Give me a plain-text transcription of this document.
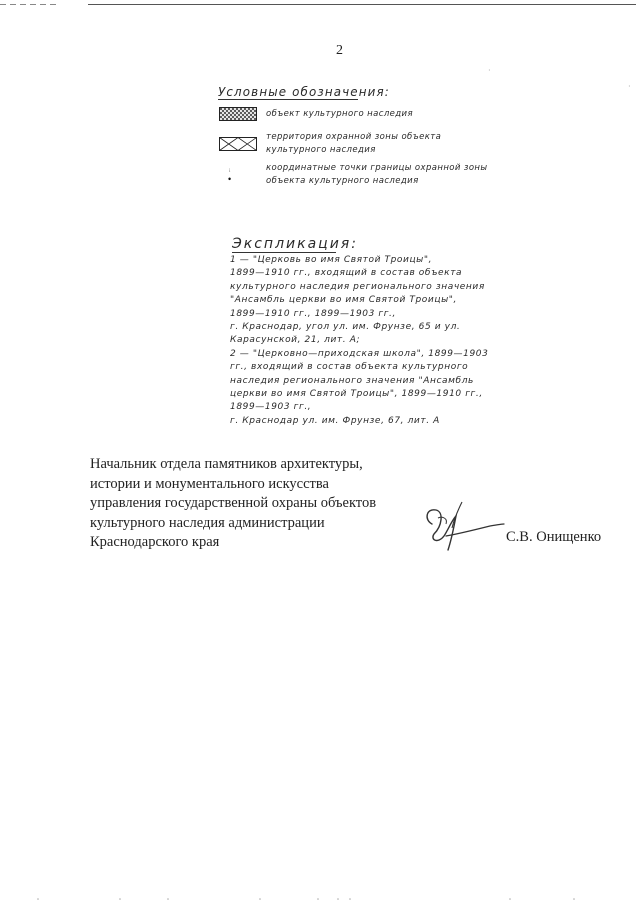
2
Условные обозначения:
объект культурного наследия
территория охранной зоны объекта
культурного наследия
ᵢ
•
координатные точки границы охранной зоны
объекта культурного наследия
Экспликация:
1 — "Церковь во имя Святой Троицы",
1899—1910 гг., входящий в состав объекта
культурного наследия регионального значения
"Ансамбль церкви во имя Святой Троицы",
1899—1910 гг., 1899—1903 гг.,
г. Краснодар, угол ул. им. Фрунзе, 65 и ул.
Карасунской, 21, лит. А;
2 — "Церковно—приходская школа", 1899—1903
гг., входящий в состав объекта культурного
наследия регионального значения "Ансамбль
церкви во имя Святой Троицы", 1899—1910 гг.,
1899—1903 гг.,
г. Краснодар ул. им. Фрунзе, 67, лит. А
Начальник отдела памятников архитектуры,
истории и монументального искусства
управления государственной охраны объектов
культурного наследия администрации
Краснодарского края	С.В. Онищенко
·
·
